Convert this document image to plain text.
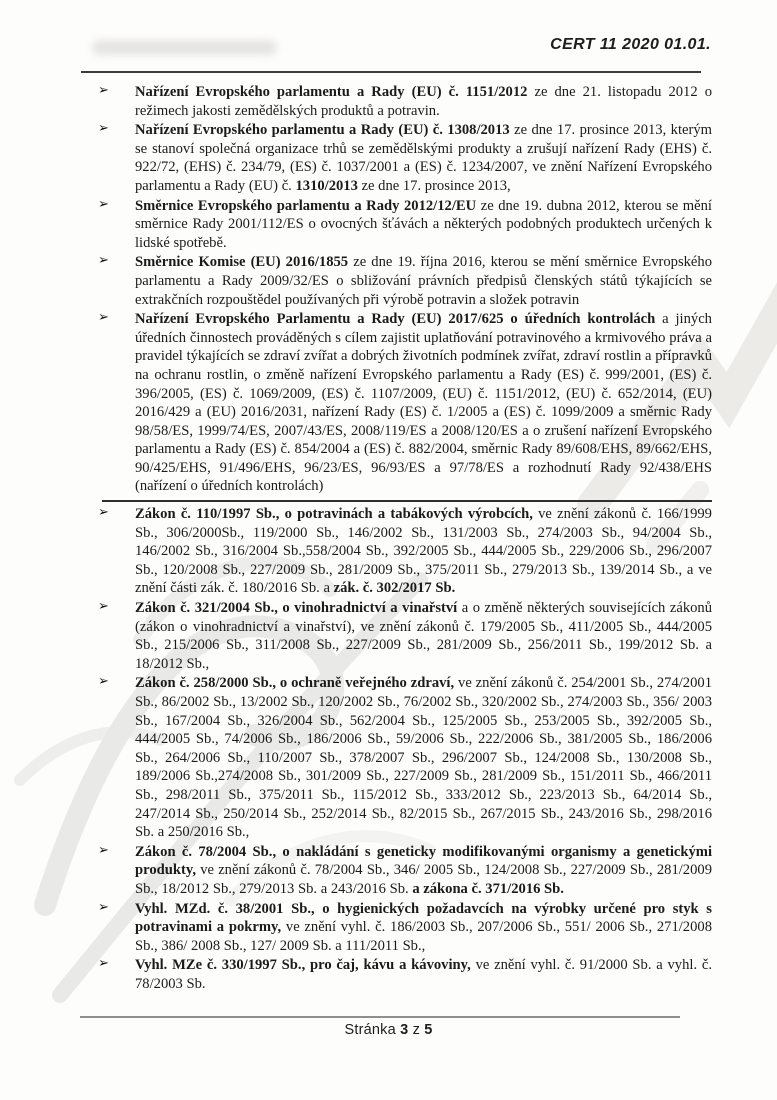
CERT 11 2020 01.01.
➢ Nařízení Evropského parlamentu a Rady (EU) č. 1151/2012 ze dne 21. listopadu 2012 o režimech jakosti zemědělských produktů a potravin.
➢ Nařízení Evropského parlamentu a Rady (EU) č. 1308/2013 ze dne 17. prosince 2013, kterým se stanoví společná organizace trhů se zemědělskými produkty a zrušují nařízení Rady (EHS) č. 922/72, (EHS) č. 234/79, (ES) č. 1037/2001 a (ES) č. 1234/2007, ve znění Nařízení Evropského parlamentu a Rady (EU) č. 1310/2013 ze dne 17. prosince 2013,
➢ Směrnice Evropského parlamentu a Rady 2012/12/EU ze dne 19. dubna 2012, kterou se mění směrnice Rady 2001/112/ES o ovocných šťávách a některých podobných produktech určených k lidské spotřebě.
➢ Směrnice Komise (EU) 2016/1855 ze dne 19. října 2016, kterou se mění směrnice Evropského parlamentu a Rady 2009/32/ES o sbližování právních předpisů členských států týkajících se extrakčních rozpouštědel používaných při výrobě potravin a složek potravin
➢ Nařízení Evropského Parlamentu a Rady (EU) 2017/625 o úředních kontrolách a jiných úředních činnostech prováděných s cílem zajistit uplatňování potravinového a krmivového práva a pravidel týkajících se zdraví zvířat a dobrých životních podmínek zvířat, zdraví rostlin a přípravků na ochranu rostlin, o změně nařízení Evropského parlamentu a Rady (ES) č. 999/2001, (ES) č. 396/2005, (ES) č. 1069/2009, (ES) č. 1107/2009, (EU) č. 1151/2012, (EU) č. 652/2014, (EU) 2016/429 a (EU) 2016/2031, nařízení Rady (ES) č. 1/2005 a (ES) č. 1099/2009 a směrnic Rady 98/58/ES, 1999/74/ES, 2007/43/ES, 2008/119/ES a 2008/120/ES a o zrušení nařízení Evropského parlamentu a Rady (ES) č. 854/2004 a (ES) č. 882/2004, směrnic Rady 89/608/EHS, 89/662/EHS, 90/425/EHS, 91/496/EHS, 96/23/ES, 96/93/ES a 97/78/ES a rozhodnutí Rady 92/438/EHS (nařízení o úředních kontrolách)
➢ Zákon č. 110/1997 Sb., o potravinách a tabákových výrobcích, ve znění zákonů č. 166/1999 Sb., 306/2000Sb., 119/2000 Sb., 146/2002 Sb., 131/2003 Sb., 274/2003 Sb., 94/2004 Sb., 146/2002 Sb., 316/2004 Sb.,558/2004 Sb., 392/2005 Sb., 444/2005 Sb., 229/2006 Sb., 296/2007 Sb., 120/2008 Sb., 227/2009 Sb., 281/2009 Sb., 375/2011 Sb., 279/2013 Sb., 139/2014 Sb., a ve znění části zák. č. 180/2016 Sb. a zák. č. 302/2017 Sb.
➢ Zákon č. 321/2004 Sb., o vinohradnictví a vinařství a o změně některých souvisejících zákonů (zákon o vinohradnictví a vinařství), ve znění zákonů č. 179/2005 Sb., 411/2005 Sb., 444/2005 Sb., 215/2006 Sb., 311/2008 Sb., 227/2009 Sb., 281/2009 Sb., 256/2011 Sb., 199/2012 Sb. a 18/2012 Sb.,
➢ Zákon č. 258/2000 Sb., o ochraně veřejného zdraví, ve znění zákonů č. 254/2001 Sb., 274/2001 Sb., 86/2002 Sb., 13/2002 Sb., 120/2002 Sb., 76/2002 Sb., 320/2002 Sb., 274/2003 Sb., 356/ 2003 Sb., 167/2004 Sb., 326/2004 Sb., 562/2004 Sb., 125/2005 Sb., 253/2005 Sb., 392/2005 Sb., 444/2005 Sb., 74/2006 Sb., 186/2006 Sb., 59/2006 Sb., 222/2006 Sb., 381/2005 Sb., 186/2006 Sb., 264/2006 Sb., 110/2007 Sb., 378/2007 Sb., 296/2007 Sb., 124/2008 Sb., 130/2008 Sb., 189/2006 Sb.,274/2008 Sb., 301/2009 Sb., 227/2009 Sb., 281/2009 Sb., 151/2011 Sb., 466/2011 Sb., 298/2011 Sb., 375/2011 Sb., 115/2012 Sb., 333/2012 Sb., 223/2013 Sb., 64/2014 Sb., 247/2014 Sb., 250/2014 Sb., 252/2014 Sb., 82/2015 Sb., 267/2015 Sb., 243/2016 Sb., 298/2016 Sb. a 250/2016 Sb.,
➢ Zákon č. 78/2004 Sb., o nakládání s geneticky modifikovanými organismy a genetickými produkty, ve znění zákonů č. 78/2004 Sb., 346/ 2005 Sb., 124/2008 Sb., 227/2009 Sb., 281/2009 Sb., 18/2012 Sb., 279/2013 Sb. a 243/2016 Sb. a zákona č. 371/2016 Sb.
➢ Vyhl. MZd. č. 38/2001 Sb., o hygienických požadavcích na výrobky určené pro styk s potravinami a pokrmy, ve znění vyhl. č. 186/2003 Sb., 207/2006 Sb., 551/ 2006 Sb., 271/2008 Sb., 386/ 2008 Sb., 127/ 2009 Sb. a 111/2011 Sb.,
➢ Vyhl. MZe č. 330/1997 Sb., pro čaj, kávu a kávoviny, ve znění vyhl. č. 91/2000 Sb. a vyhl. č. 78/2003 Sb.
Stránka 3 z 5
